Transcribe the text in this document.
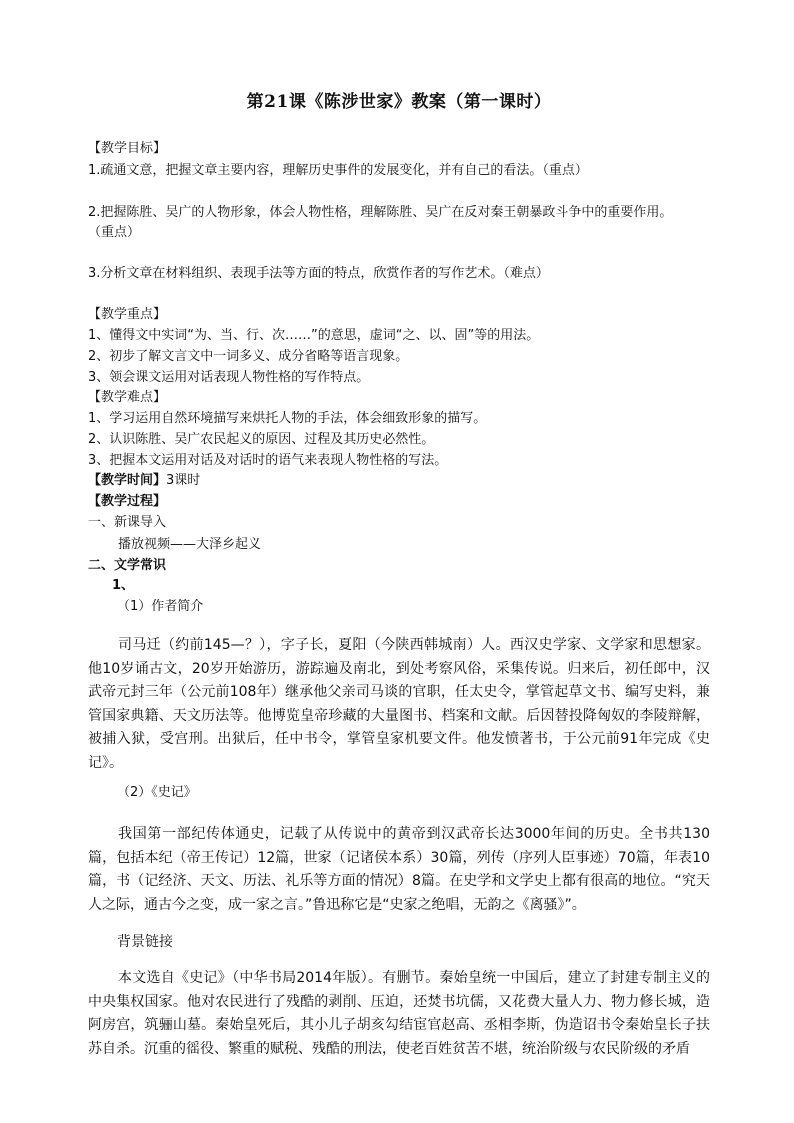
第21课《陈涉世家》教案（第一课时）
【教学目标】
1.疏通文意，把握文章主要内容，理解历史事件的发展变化，并有自己的看法。（重点）
2.把握陈胜、吴广的人物形象，体会人物性格，理解陈胜、吴广在反对秦王朝暴政斗争中的重要作用。
（重点）
3.分析文章在材料组织、表现手法等方面的特点，欣赏作者的写作艺术。（难点）
【教学重点】
1、懂得文中实词“为、当、行、次……”的意思，虚词“之、以、固”等的用法。
2、初步了解文言文中一词多义、成分省略等语言现象。
3、领会课文运用对话表现人物性格的写作特点。
【教学难点】
1、学习运用自然环境描写来烘托人物的手法，体会细致形象的描写。
2、认识陈胜、吴广农民起义的原因、过程及其历史必然性。
3、把握本文运用对话及对话时的语气来表现人物性格的写法。
【教学时间】3课时
【教学过程】
一、新课导入
播放视频——大泽乡起义
二、文学常识
1、
（1）作者简介

司马迁（约前145—？），字子长，夏阳（今陕西韩城南）人。西汉史学家、文学家和思想家。他10岁诵古文，20岁开始游历，游踪遍及南北，到处考察风俗，采集传说。归来后，初任郎中，汉武帝元封三年（公元前108年）继承他父亲司马谈的官职，任太史令，掌管起草文书、编写史料，兼管国家典籍、天文历法等。他博览皇帝珍藏的大量图书、档案和文献。后因替投降匈奴的李陵辩解，被捕入狱，受宫刑。出狱后，任中书令，掌管皇家机要文件。他发愤著书，于公元前91年完成《史记》。

（2）《史记》

我国第一部纪传体通史，记载了从传说中的黄帝到汉武帝长达3000年间的历史。全书共130篇，包括本纪（帝王传记）12篇，世家（记诸侯本系）30篇，列传（序列人臣事迹）70篇，年表10篇，书（记经济、天文、历法、礼乐等方面的情况）8篇。在史学和文学史上都有很高的地位。“究天人之际，通古今之变，成一家之言。”鲁迅称它是“史家之绝唱，无韵之《离骚》”。

背景链接

本文选自《史记》（中华书局2014年版）。有删节。秦始皇统一中国后，建立了封建专制主义的中央集权国家。他对农民进行了残酷的剥削、压迫，还焚书坑儒，又花费大量人力、物力修长城，造阿房宫，筑骊山墓。秦始皇死后，其小儿子胡亥勾结宦官赵高、丞相李斯，伪造诏书令秦始皇长子扶苏自杀。沉重的徭役、繁重的赋税、残酷的刑法，使老百姓贫苦不堪，统治阶级与农民阶级的矛盾
